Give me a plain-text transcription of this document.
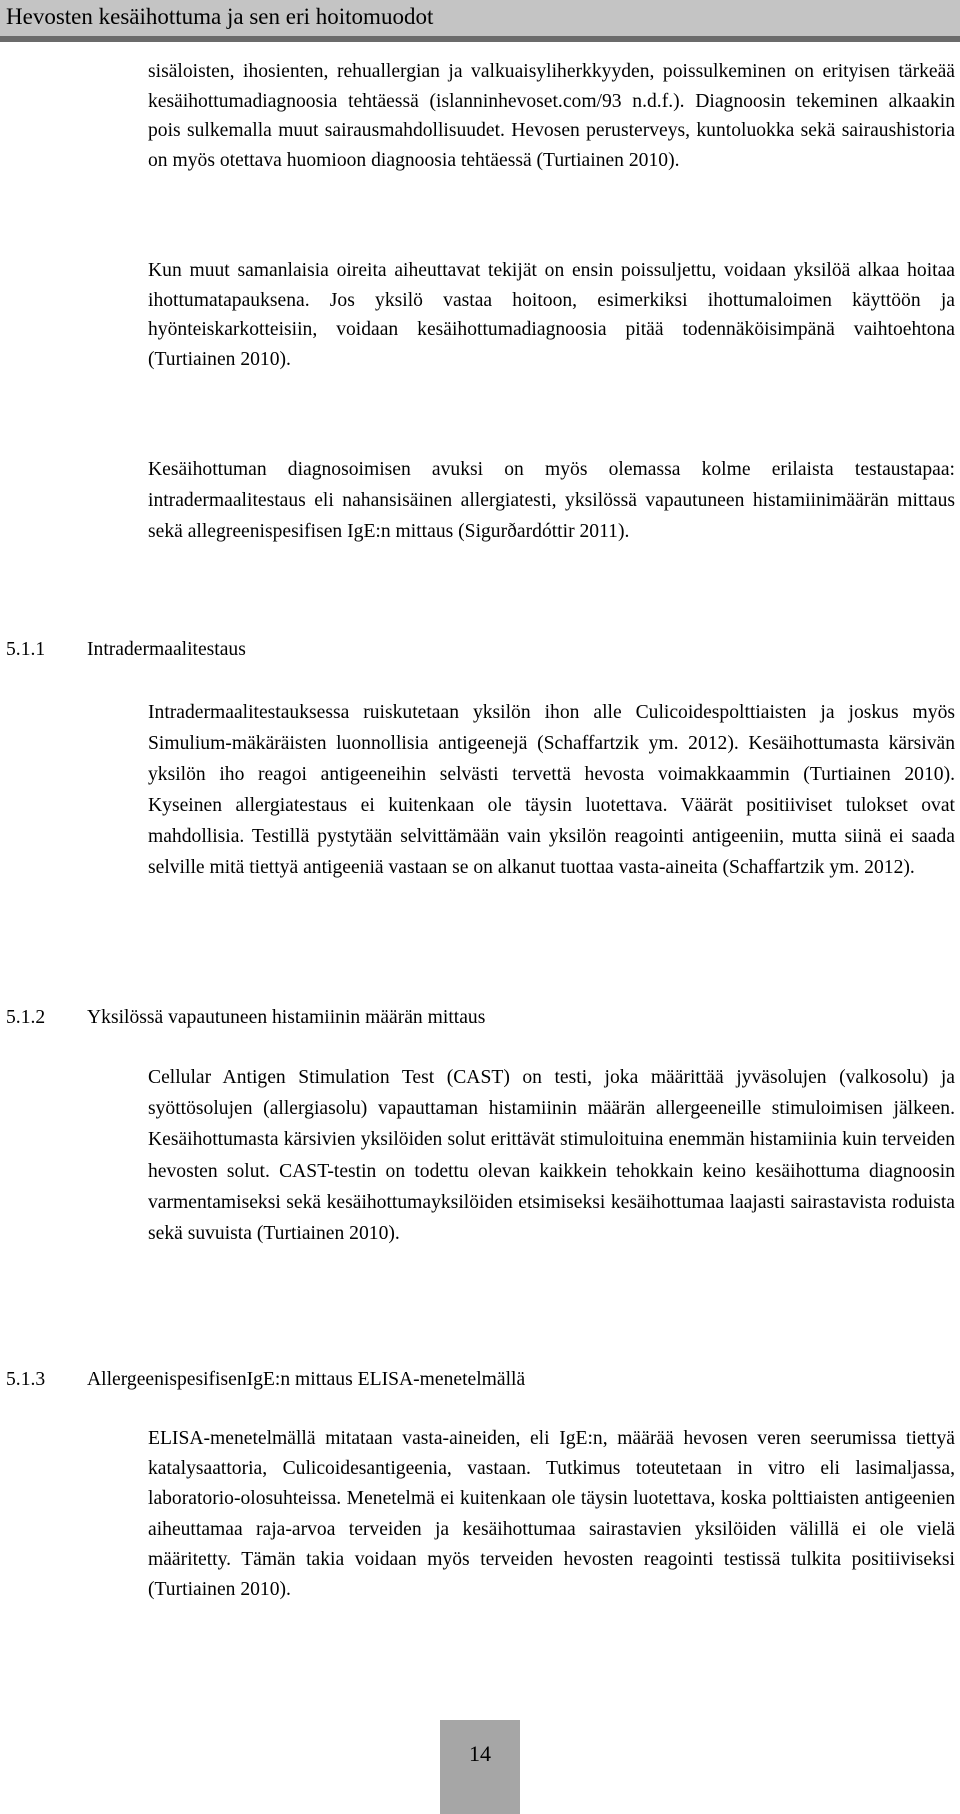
Hevosten kesäihottuma ja sen eri hoitomuodot

sisäloisten, ihosienten, rehuallergian ja valkuaisyliherkkyyden, poissulkeminen on erityisen tärkeää kesäihottumadiagnoosia tehtäessä (islanninhevoset.com/93 n.d.f.). Diagnoosin tekeminen alkaakin pois sulkemalla muut sairausmahdollisuudet. Hevosen perusterveys, kuntoluokka sekä sairaushistoria on myös otettava huomioon diagnoosia tehtäessä (Turtiainen 2010).

Kun muut samanlaisia oireita aiheuttavat tekijät on ensin poissuljettu, voidaan yksilöä alkaa hoitaa ihottumatapauksena. Jos yksilö vastaa hoitoon, esimerkiksi ihottumaloimen käyttöön ja hyönteiskarkotteisiin, voidaan kesäihottumadiagnoosia pitää todennäköisimpänä vaihtoehtona (Turtiainen 2010).

Kesäihottuman diagnosoimisen avuksi on myös olemassa kolme erilaista testaustapaa: intradermaalitestaus eli nahansisäinen allergiatesti, yksilössä vapautuneen histamiinimäärän mittaus sekä allegreenispesifisen IgE:n mittaus (Sigurðardóttir 2011).

5.1.1 Intradermaalitestaus

Intradermaalitestauksessa ruiskutetaan yksilön ihon alle Culicoidespolttiaisten ja joskus myös Simulium-mäkäräisten luonnollisia antigeenejä (Schaffartzik ym. 2012). Kesäihottumasta kärsivän yksilön iho reagoi antigeeneihin selvästi tervettä hevosta voimakkaammin (Turtiainen 2010). Kyseinen allergiatestaus ei kuitenkaan ole täysin luotettava. Väärät positiiviset tulokset ovat mahdollisia. Testillä pystytään selvittämään vain yksilön reagointi antigeeniin, mutta siinä ei saada selville mitä tiettyä antigeeniä vastaan se on alkanut tuottaa vasta-aineita (Schaffartzik ym. 2012).

5.1.2 Yksilössä vapautuneen histamiinin määrän mittaus

Cellular Antigen Stimulation Test (CAST) on testi, joka määrittää jyväsolujen (valkosolu) ja syöttösolujen (allergiasolu) vapauttaman histamiinin määrän allergeeneille stimuloimisen jälkeen. Kesäihottumasta kärsivien yksilöiden solut erittävät stimuloituina enemmän histamiinia kuin terveiden hevosten solut. CAST-testin on todettu olevan kaikkein tehokkain keino kesäihottuma diagnoosin varmentamiseksi sekä kesäihottumayksilöiden etsimiseksi kesäihottumaa laajasti sairastavista roduista sekä suvuista (Turtiainen 2010).

5.1.3 AllergeenispesifisenIgE:n mittaus ELISA-menetelmällä

ELISA-menetelmällä mitataan vasta-aineiden, eli IgE:n, määrää hevosen veren seerumissa tiettyä katalysaattoria, Culicoidesantigeenia, vastaan. Tutkimus toteutetaan in vitro eli lasimaljassa, laboratorio-olosuhteissa. Menetelmä ei kuitenkaan ole täysin luotettava, koska polttiaisten antigeenien aiheuttamaa raja-arvoa terveiden ja kesäihottumaa sairastavien yksilöiden välillä ei ole vielä määritetty. Tämän takia voidaan myös terveiden hevosten reagointi testissä tulkita positiiviseksi (Turtiainen 2010).

14
